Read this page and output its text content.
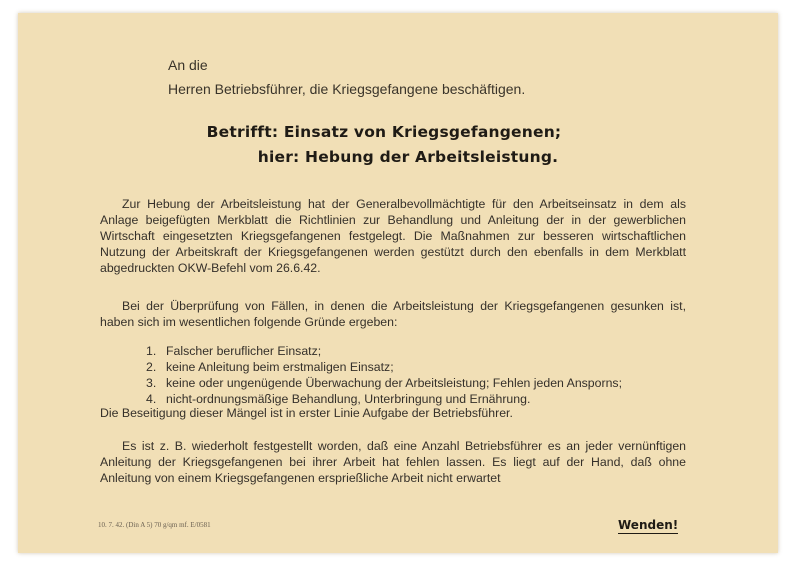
An die
Herren Betriebsführer, die Kriegsgefangene beschäftigen.
Betrifft: Einsatz von Kriegsgefangenen;
hier: Hebung der Arbeitsleistung.
Zur Hebung der Arbeitsleistung hat der Generalbevollmächtigte für den Arbeitseinsatz in dem als Anlage beigefügten Merkblatt die Richtlinien zur Behandlung und Anleitung der in der gewerblichen Wirtschaft eingesetzten Kriegsgefangenen festgelegt. Die Maßnahmen zur besseren wirtschaftlichen Nutzung der Arbeitskraft der Kriegsgefangenen werden gestützt durch den ebenfalls in dem Merkblatt abgedruckten OKW-Befehl vom 26.6.42.
Bei der Überprüfung von Fällen, in denen die Arbeitsleistung der Kriegsgefangenen gesunken ist, haben sich im wesentlichen folgende Gründe ergeben:
1. Falscher beruflicher Einsatz;
2. keine Anleitung beim erstmaligen Einsatz;
3. keine oder ungenügende Überwachung der Arbeitsleistung; Fehlen jeden Ansporns;
4. nicht-ordnungsmäßige Behandlung, Unterbringung und Ernährung.
Die Beseitigung dieser Mängel ist in erster Linie Aufgabe der Betriebsführer.
Es ist z. B. wiederholt festgestellt worden, daß eine Anzahl Betriebsführer es an jeder vernünftigen Anleitung der Kriegsgefangenen bei ihrer Arbeit hat fehlen lassen. Es liegt auf der Hand, daß ohne Anleitung von einem Kriegsgefangenen ersprießliche Arbeit nicht erwartet
10. 7. 42. (Din A 5) 70 g/qm mf. E/0581	Wenden!
